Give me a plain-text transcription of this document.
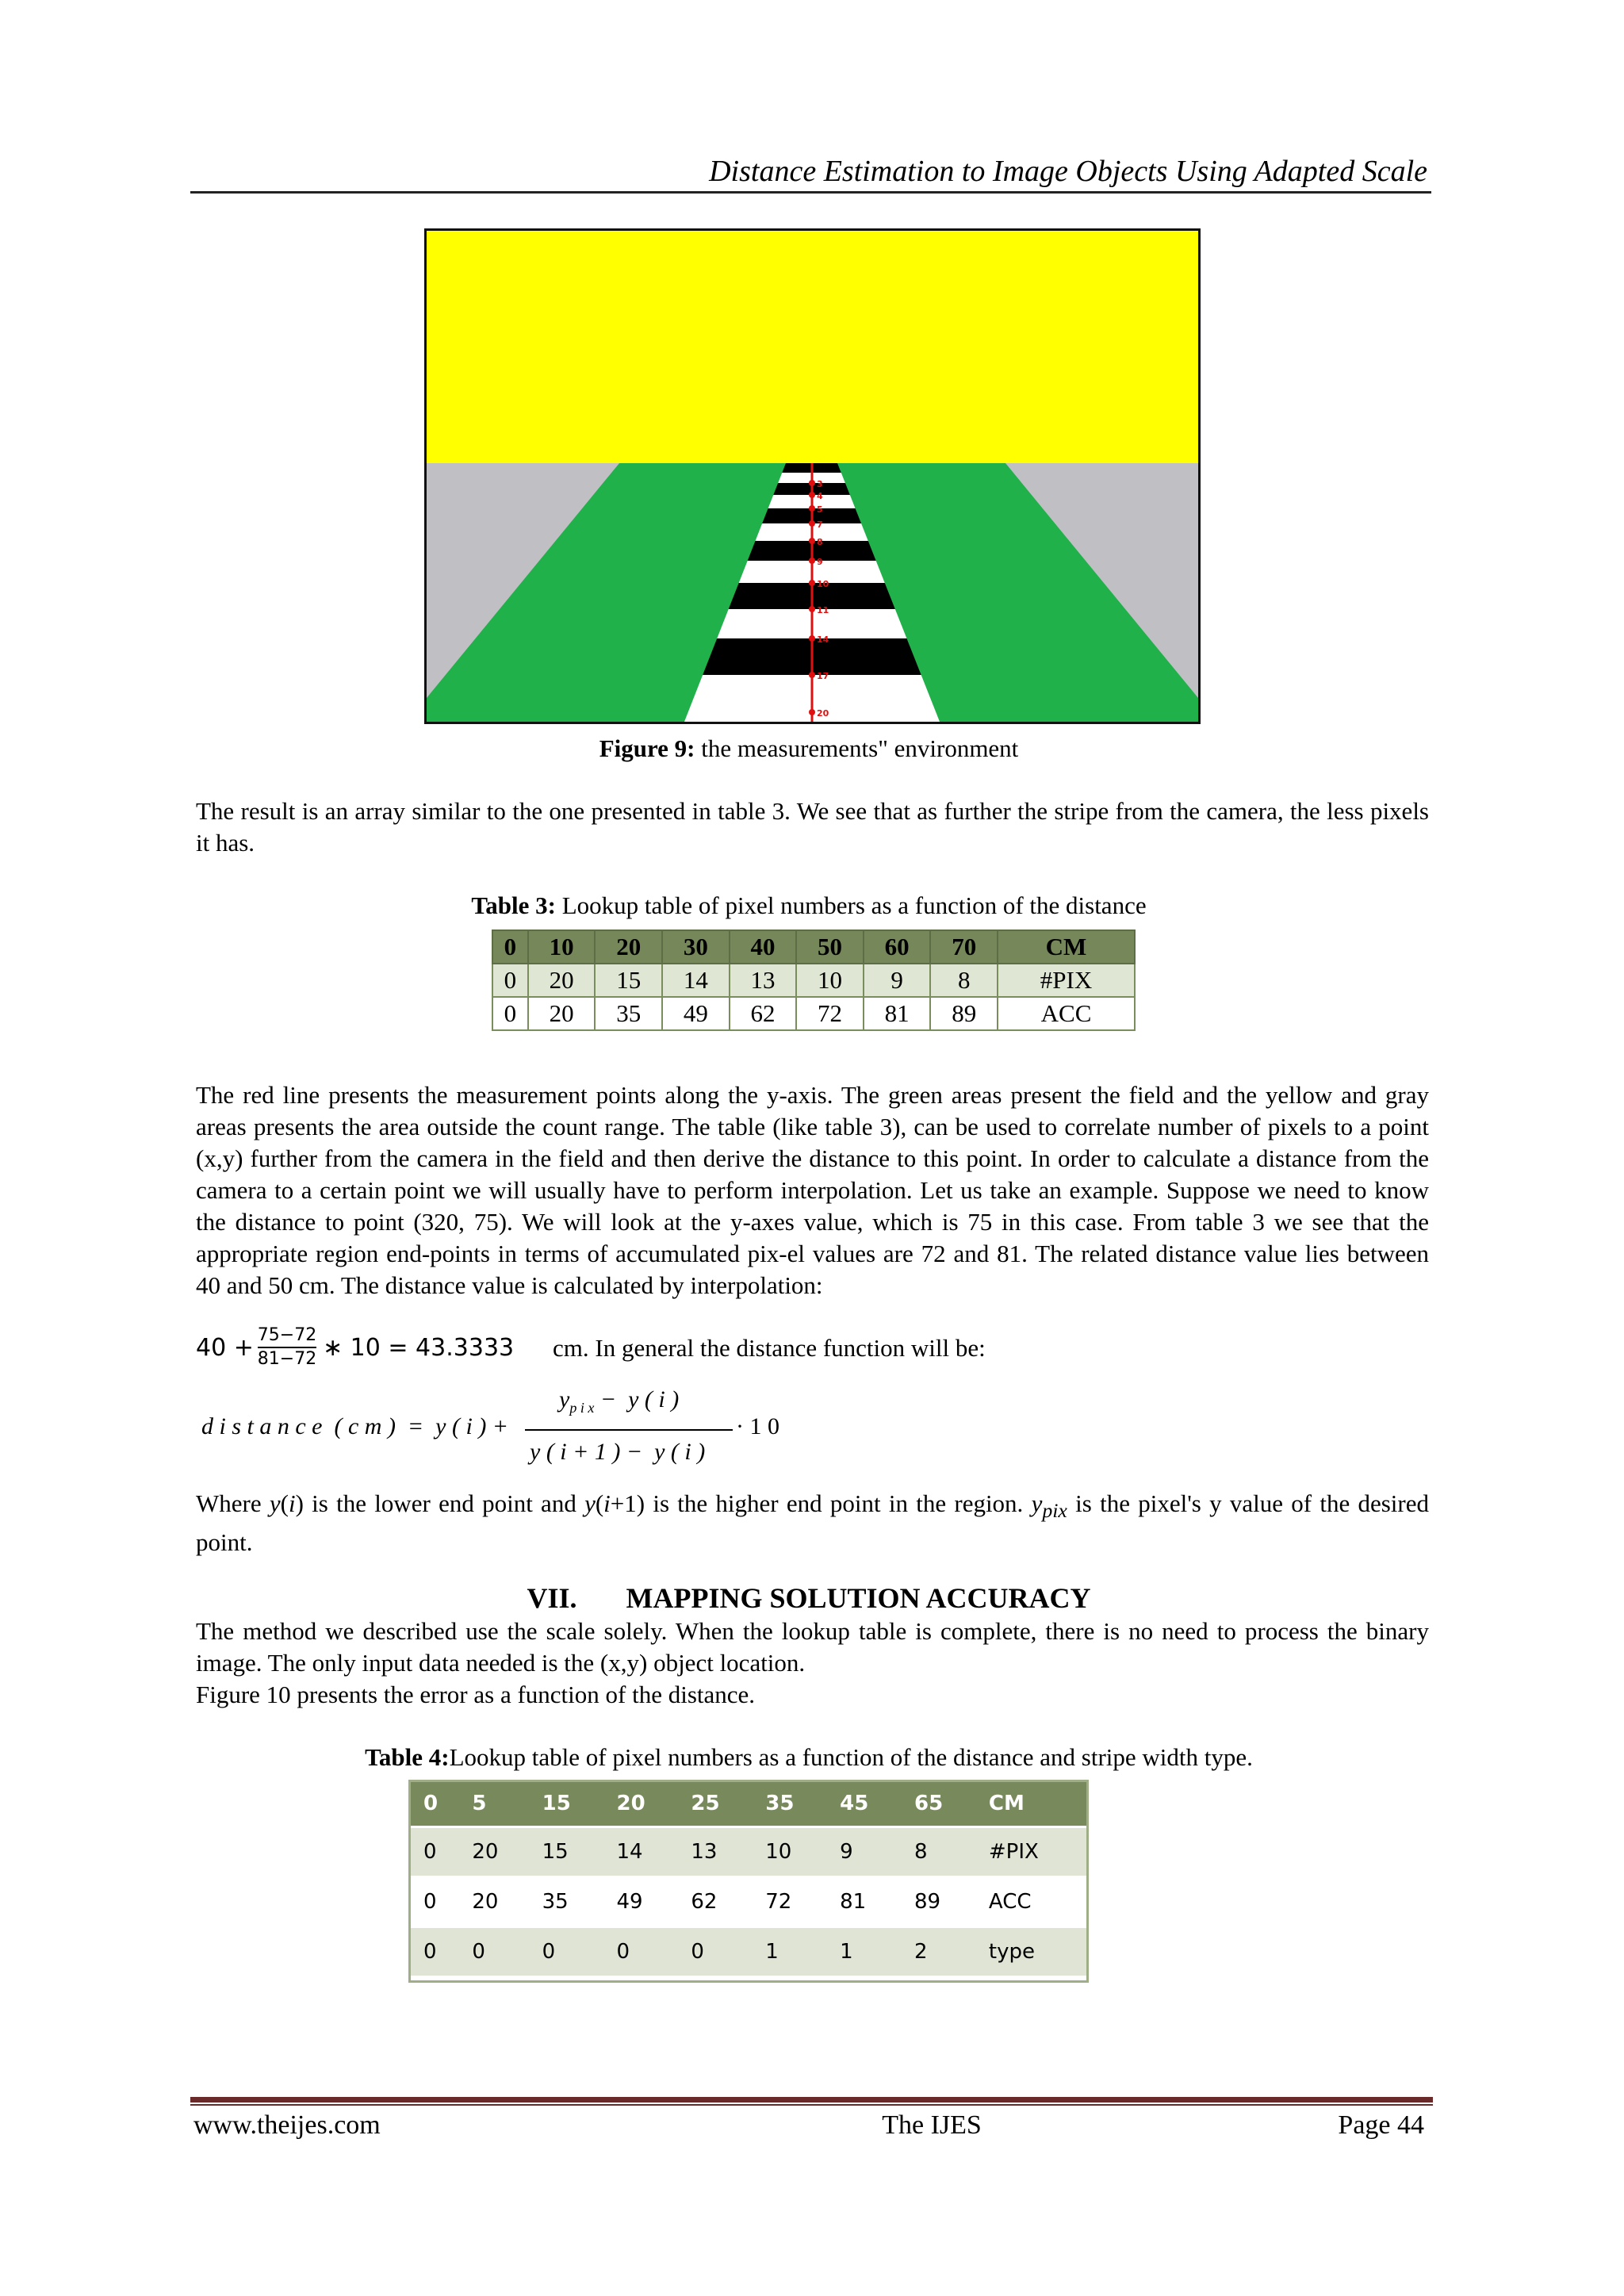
Distance Estimation to Image Objects Using Adapted Scale
3
4
5
7
8
9
10
11
14
17
20
Figure 9: the measurements" environment

The result is an array similar to the one presented in table 3. We see that as further the stripe from the camera, the less pixels it has.

Table 3: Lookup table of pixel numbers as a function of the distance
0	10	20	30	40	50	60	70	CM
0	20	15	14	13	10	9	8	#PIX
0	20	35	49	62	72	81	89	ACC

The red line presents the measurement points along the y-axis. The green areas present the field and the yellow and gray areas presents the area outside the count range. The table (like table 3), can be used to correlate number of pixels to a point (x,y) further from the camera in the field and then derive the distance to this point. In order to calculate a distance from the camera to a certain point we will usually have to perform interpolation. Let us take an example. Suppose we need to know the distance to point (320, 75). We will look at the y-axes value, which is 75 in this case. From table 3 we see that the appropriate region end-points in terms of accumulated pix-el values are 72 and 81. The related distance value lies between 40 and 50 cm. The distance value is calculated by interpolation:

40 + 75−72
81−72 ∗ 10 = 43.3333 cm. In general the distance function will be:
d i s t a n c e  ( c m )  =  y ( i ) +
$y_{p i x} - y$ ( i )
y ( i + 1 ) −  y ( i )
· 1 0

Where y(i) is the lower end point and y(i+1) is the higher end point in the region. $y_{pix}$ is the pixel's y value of the desired point.

VII. MAPPING SOLUTION ACCURACY

The method we described use the scale solely. When the lookup table is complete, there is no need to process the binary image. The only input data needed is the (x,y) object location.

Figure 10 presents the error as a function of the distance.

Table 4:Lookup table of pixel numbers as a function of the distance and stripe width type.
0	5	15	20	25	35	45	65	CM
0	20	15	14	13	10	9	8	#PIX
0	20	35	49	62	72	81	89	ACC
0	0	0	0	0	1	1	2	type
www.theijes.com	The IJES	Page 44
